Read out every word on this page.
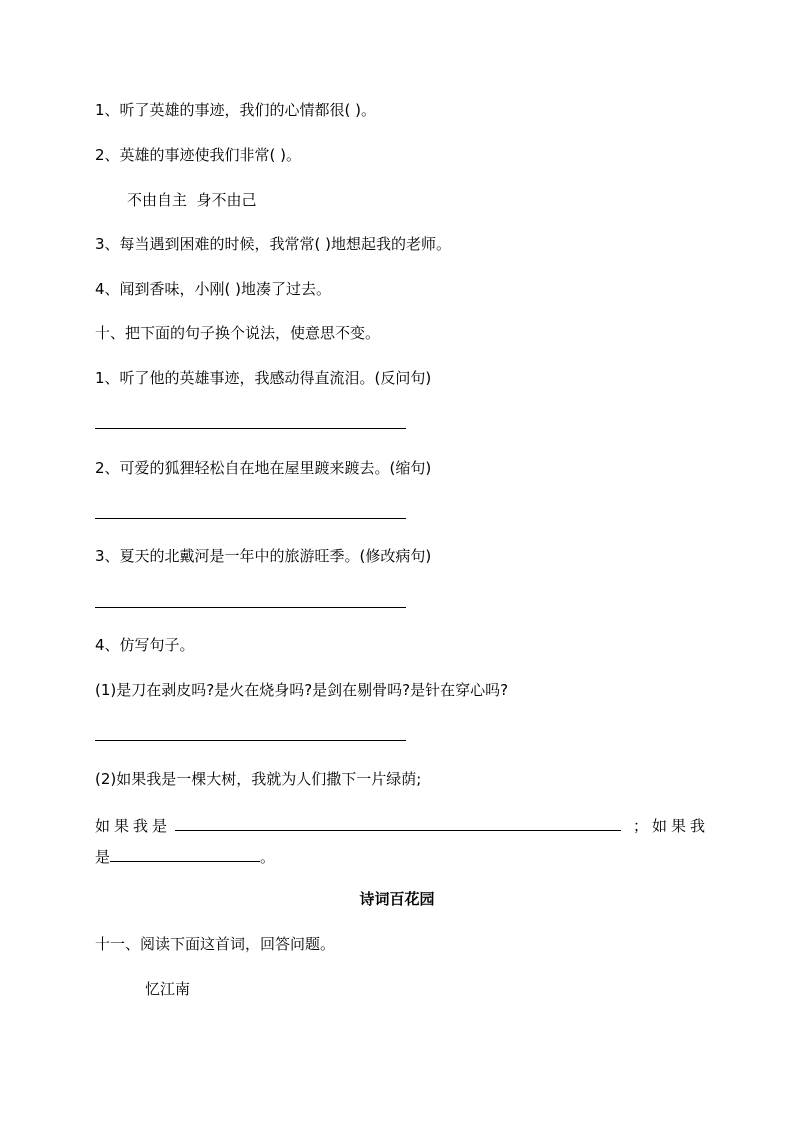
1、听了英雄的事迹，我们的心情都很( )。
2、英雄的事迹使我们非常( )。
不由自主  身不由己
3、每当遇到困难的时候，我常常( )地想起我的老师。
4、闻到香味，小刚( )地凑了过去。
十、把下面的句子换个说法，使意思不变。
1、听了他的英雄事迹，我感动得直流泪。(反问句)
2、可爱的狐狸轻松自在地在屋里踱来踱去。(缩句)
3、夏天的北戴河是一年中的旅游旺季。(修改病句)
4、仿写句子。
(1)是刀在剥皮吗?是火在烧身吗?是剑在剔骨吗?是针在穿心吗?
(2)如果我是一棵大树，我就为人们撒下一片绿荫;
如果我是	；如果我
是	。
诗词百花园
十一、阅读下面这首词，回答问题。
忆江南
